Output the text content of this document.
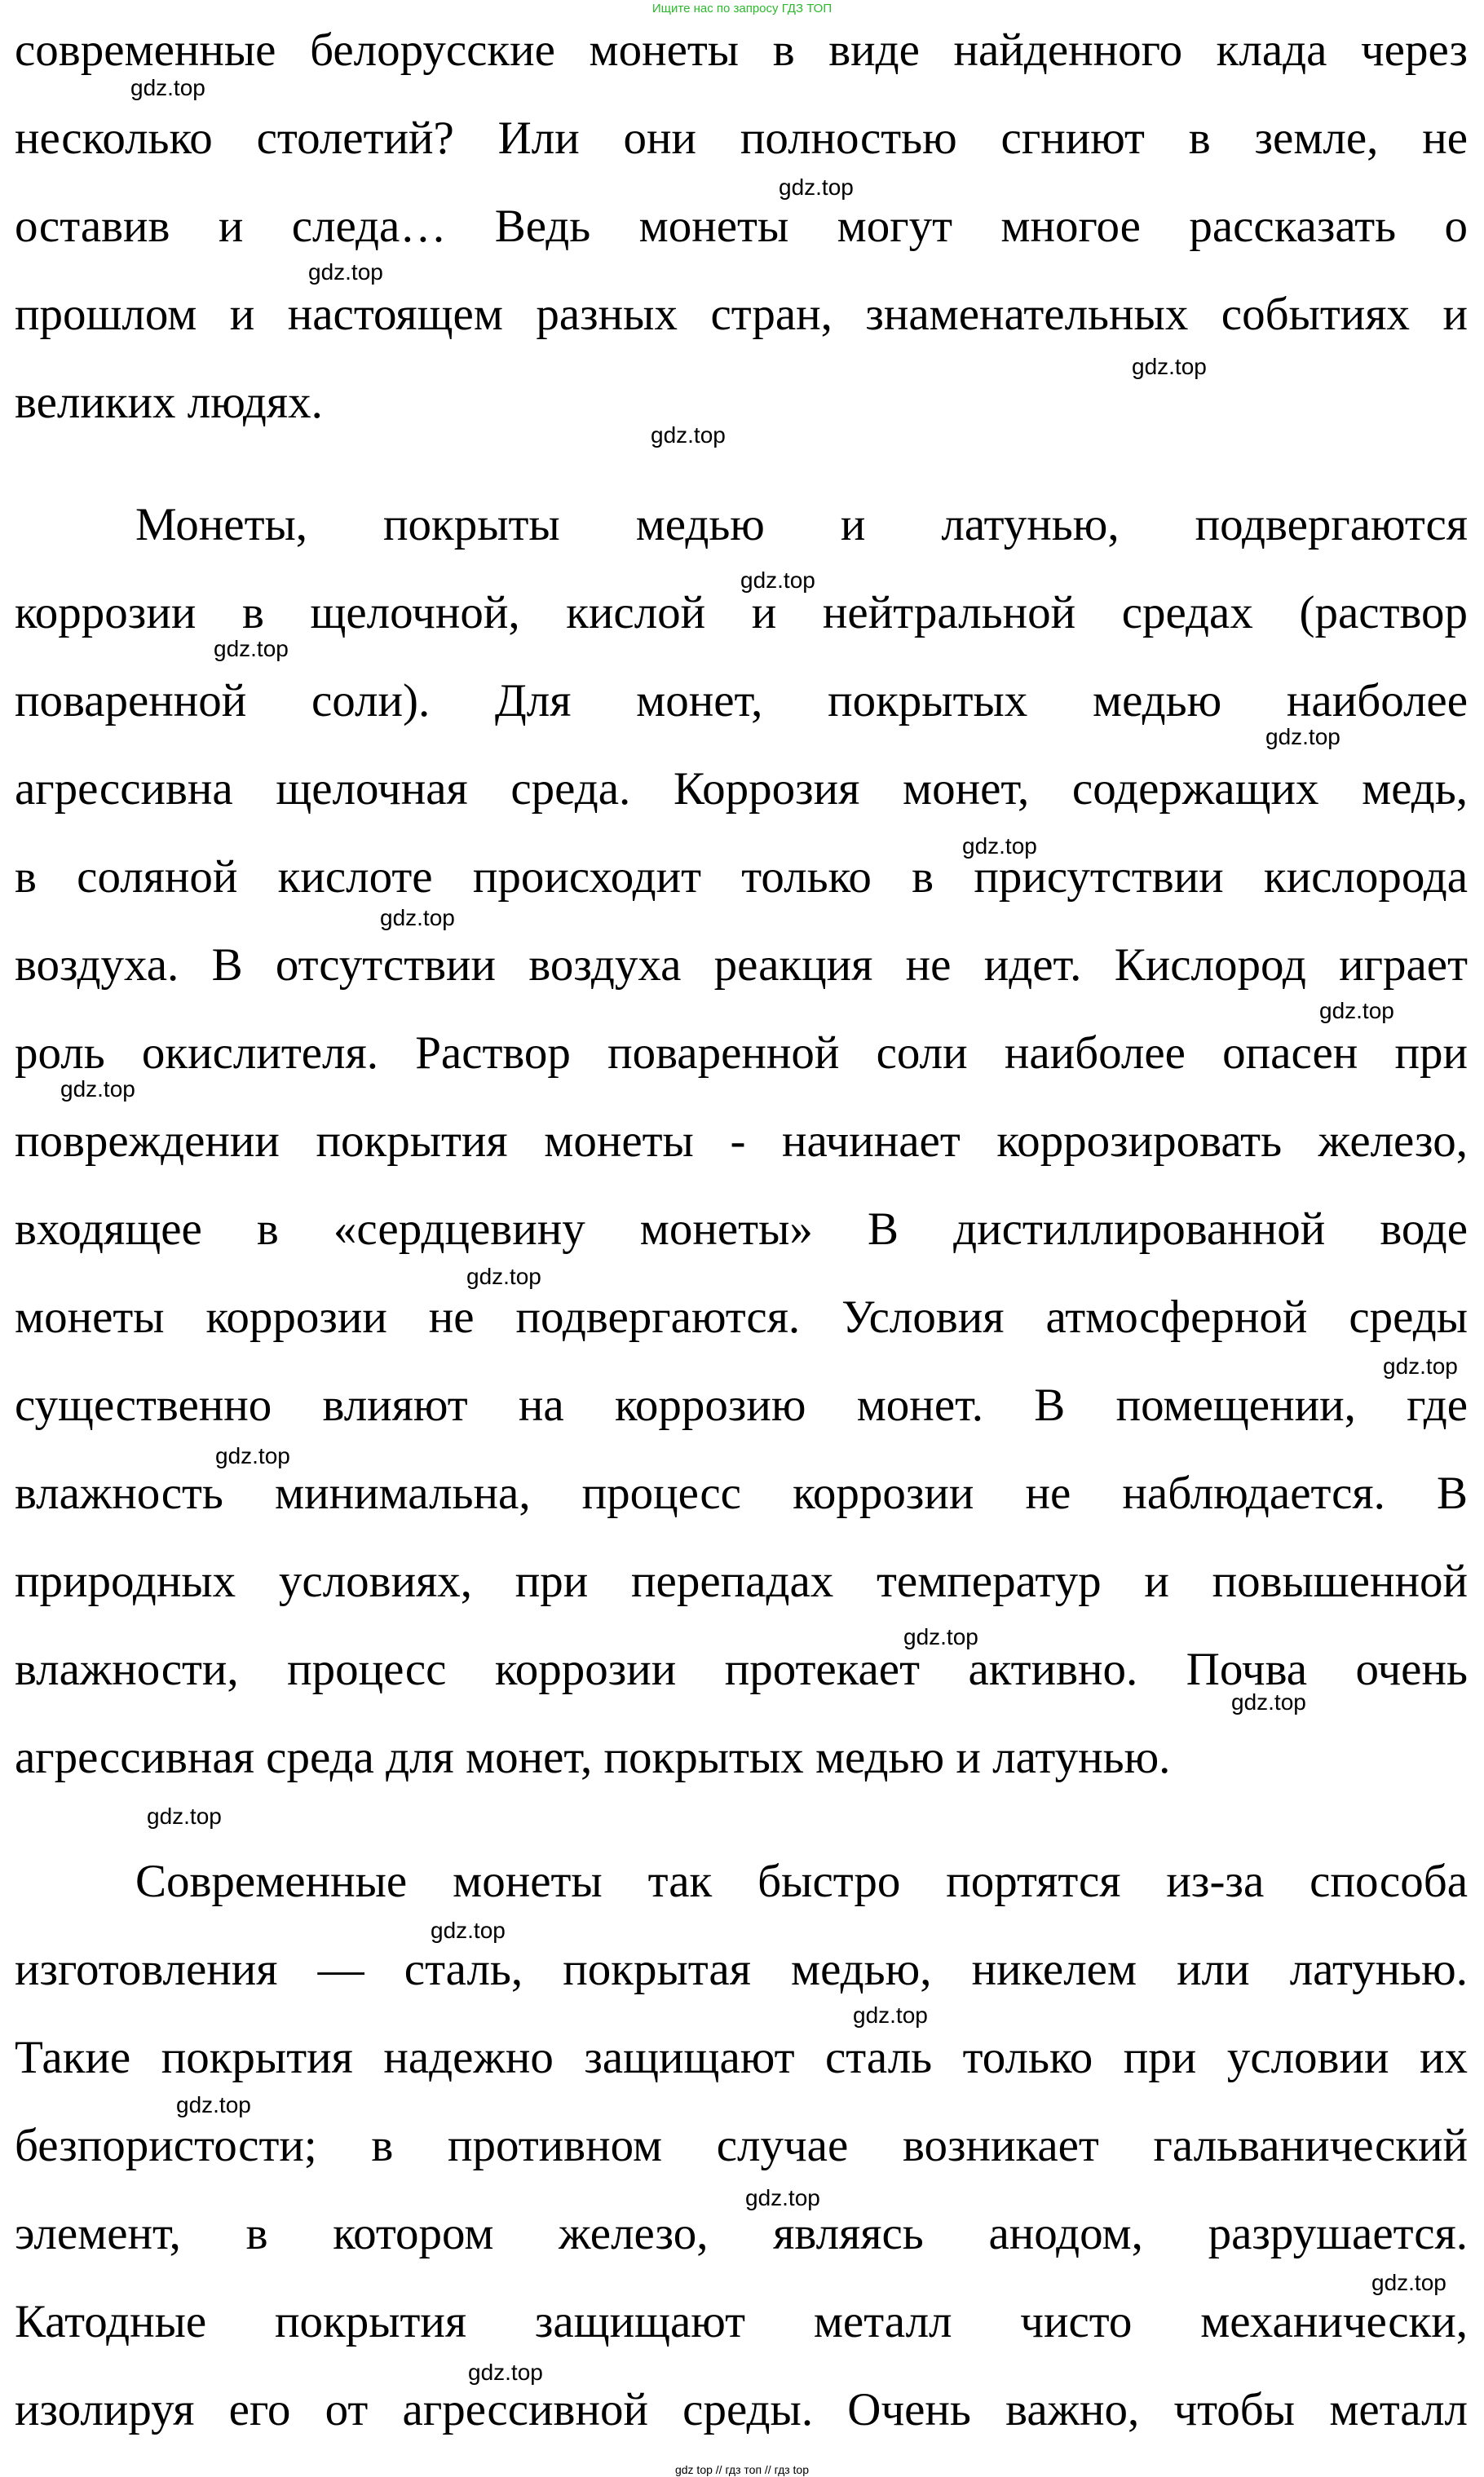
Ищите нас по запросу ГДЗ ТОП
современные белорусские монеты в виде найденного клада через
несколько столетий? Или они полностью сгниют в земле, не
оставив и следа… Ведь монеты могут многое рассказать о
прошлом и настоящем разных стран, знаменательных событиях и
великих людях.
Монеты, покрыты медью и латунью, подвергаются
коррозии в щелочной, кислой и нейтральной средах (раствор
поваренной соли). Для монет, покрытых медью наиболее
агрессивна щелочная среда. Коррозия монет, содержащих медь,
в соляной кислоте происходит только в присутствии кислорода
воздуха. В отсутствии воздуха реакция не идет. Кислород играет
роль окислителя. Раствор поваренной соли наиболее опасен при
повреждении покрытия монеты - начинает коррозировать железо,
входящее в «сердцевину монеты» В дистиллированной воде
монеты коррозии не подвергаются. Условия атмосферной среды
существенно влияют на коррозию монет. В помещении, где
влажность минимальна, процесс коррозии не наблюдается. В
природных условиях, при перепадах температур и повышенной
влажности, процесс коррозии протекает активно. Почва очень
агрессивная среда для монет, покрытых медью и латунью.
Современные монеты так быстро портятся из-за способа
изготовления — сталь, покрытая медью, никелем или латунью.
Такие покрытия надежно защищают сталь только при условии их
безпористости; в противном случае возникает гальванический
элемент, в котором железо, являясь анодом, разрушается.
Катодные покрытия защищают металл чисто механически,
изолируя его от агрессивной среды. Очень важно, чтобы металл
gdz.top
gdz.top
gdz.top
gdz.top
gdz.top
gdz.top
gdz.top
gdz.top
gdz.top
gdz.top
gdz.top
gdz.top
gdz.top
gdz.top
gdz.top
gdz.top
gdz.top
gdz.top
gdz.top
gdz.top
gdz.top
gdz.top
gdz.top
gdz.top
gdz top // гдз топ // гдз top
